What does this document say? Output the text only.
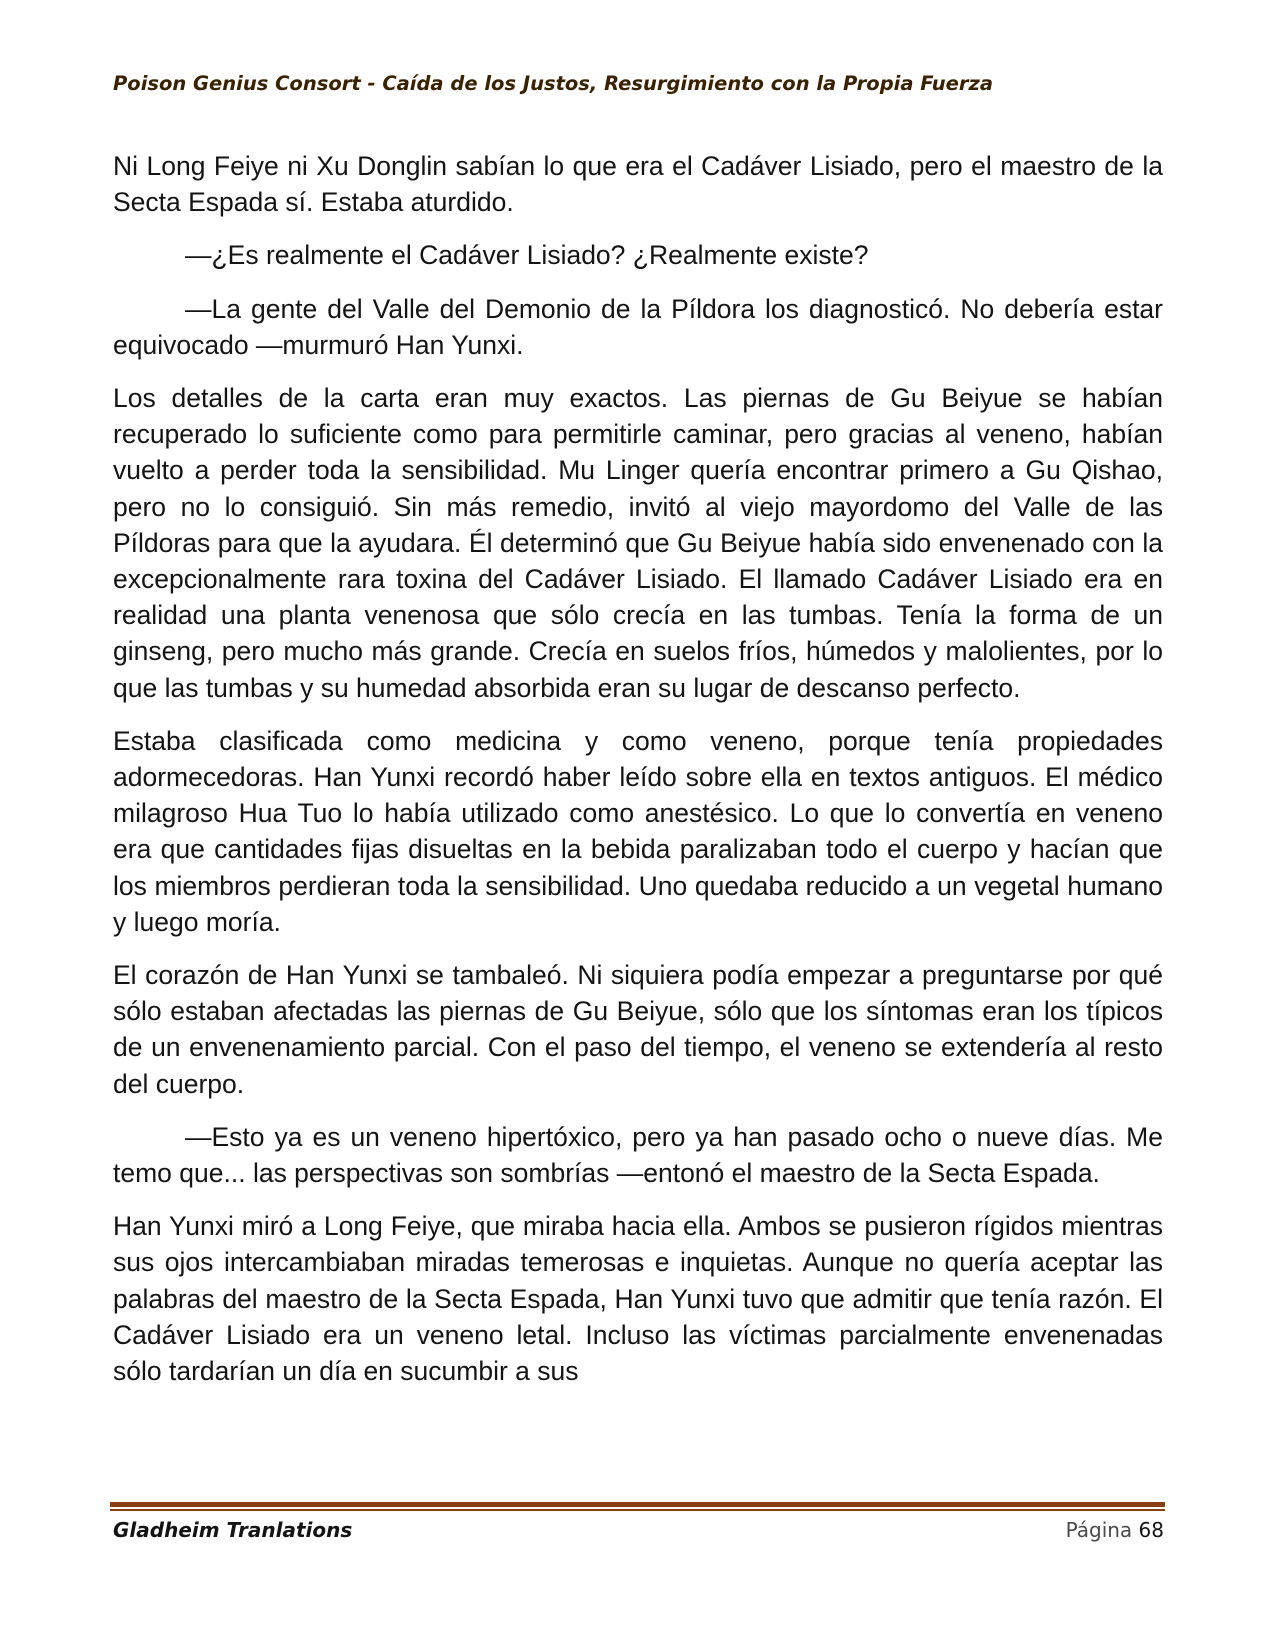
Poison Genius Consort - Caída de los Justos, Resurgimiento con la Propia Fuerza

Ni Long Feiye ni Xu Donglin sabían lo que era el Cadáver Lisiado, pero el maestro de la Secta Espada sí. Estaba aturdido.

—¿Es realmente el Cadáver Lisiado? ¿Realmente existe?

—La gente del Valle del Demonio de la Píldora los diagnosticó. No debería estar equivocado —murmuró Han Yunxi.

Los detalles de la carta eran muy exactos. Las piernas de Gu Beiyue se habían recuperado lo suficiente como para permitirle caminar, pero gracias al veneno, habían vuelto a perder toda la sensibilidad. Mu Linger quería encontrar primero a Gu Qishao, pero no lo consiguió. Sin más remedio, invitó al viejo mayordomo del Valle de las Píldoras para que la ayudara. Él determinó que Gu Beiyue había sido envenenado con la excepcionalmente rara toxina del Cadáver Lisiado. El llamado Cadáver Lisiado era en realidad una planta venenosa que sólo crecía en las tumbas. Tenía la forma de un ginseng, pero mucho más grande. Crecía en suelos fríos, húmedos y malolientes, por lo que las tumbas y su humedad absorbida eran su lugar de descanso perfecto.

Estaba clasificada como medicina y como veneno, porque tenía propiedades adormecedoras. Han Yunxi recordó haber leído sobre ella en textos antiguos. El médico milagroso Hua Tuo lo había utilizado como anestésico. Lo que lo convertía en veneno era que cantidades fijas disueltas en la bebida paralizaban todo el cuerpo y hacían que los miembros perdieran toda la sensibilidad. Uno quedaba reducido a un vegetal humano y luego moría.

El corazón de Han Yunxi se tambaleó. Ni siquiera podía empezar a preguntarse por qué sólo estaban afectadas las piernas de Gu Beiyue, sólo que los síntomas eran los típicos de un envenenamiento parcial. Con el paso del tiempo, el veneno se extendería al resto del cuerpo.

—Esto ya es un veneno hipertóxico, pero ya han pasado ocho o nueve días. Me temo que... las perspectivas son sombrías —entonó el maestro de la Secta Espada.

Han Yunxi miró a Long Feiye, que miraba hacia ella. Ambos se pusieron rígidos mientras sus ojos intercambiaban miradas temerosas e inquietas. Aunque no quería aceptar las palabras del maestro de la Secta Espada, Han Yunxi tuvo que admitir que tenía razón. El Cadáver Lisiado era un veneno letal. Incluso las víctimas parcialmente envenenadas sólo tardarían un día en sucumbir a sus

Gladheim Tranlations	Página 68
